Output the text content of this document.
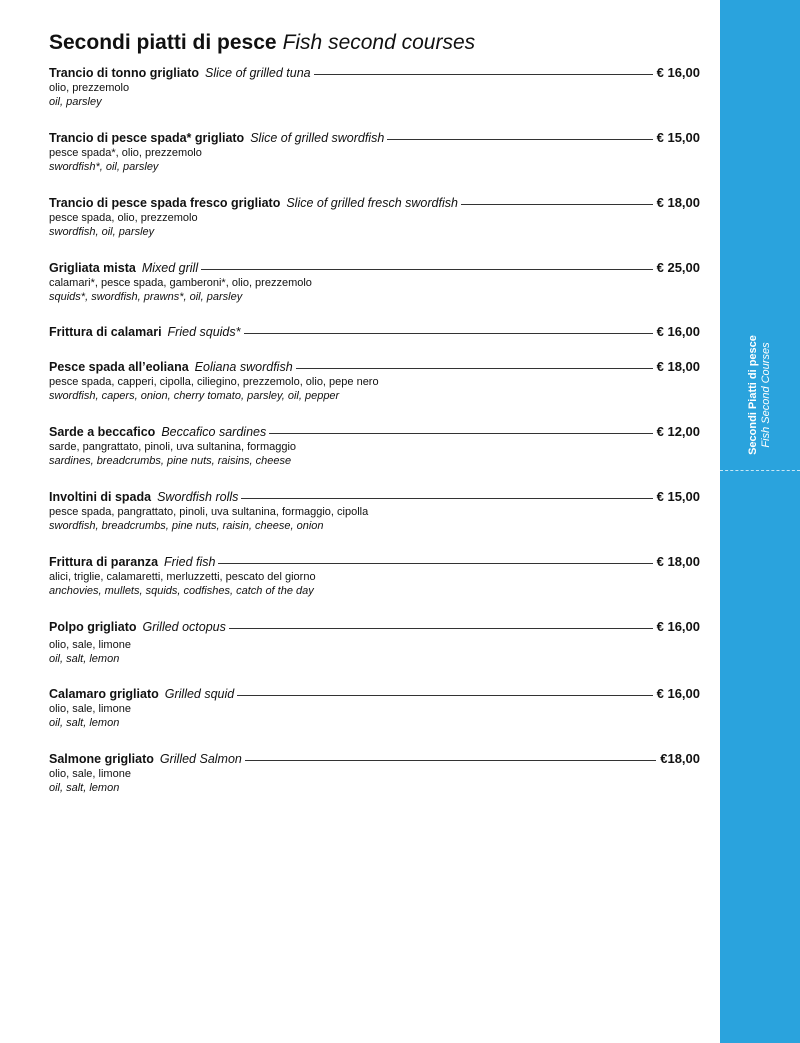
Secondi Piatti di pesce Fish Second Courses
Secondi piatti di pesce Fish second courses
Trancio di tonno grigliato Slice of grilled tuna	€ 16,00
olio, prezzemolo
oil, parsley
Trancio di pesce spada* grigliato Slice of grilled swordfish	€ 15,00
pesce spada*, olio, prezzemolo
swordfish*, oil, parsley
Trancio di pesce spada fresco grigliato Slice of grilled fresch swordfish	€ 18,00
pesce spada, olio, prezzemolo
swordfish, oil, parsley
Grigliata mista Mixed grill	€ 25,00
calamari*, pesce spada, gamberoni*, olio, prezzemolo
squids*, swordfish, prawns*, oil, parsley
Frittura di calamari Fried squids*	€ 16,00
Pesce spada all’eoliana Eoliana swordfish	€ 18,00
pesce spada, capperi, cipolla, ciliegino, prezzemolo, olio, pepe nero
swordfish, capers, onion, cherry tomato, parsley, oil, pepper
Sarde a beccafico Beccafico sardines	€ 12,00
sarde, pangrattato, pinoli, uva sultanina, formaggio
sardines, breadcrumbs, pine nuts, raisins, cheese
Involtini di spada Swordfish rolls	€ 15,00
pesce spada, pangrattato, pinoli, uva sultanina, formaggio, cipolla
swordfish, breadcrumbs, pine nuts, raisin, cheese, onion
Frittura di paranza Fried fish	€ 18,00
alici, triglie, calamaretti, merluzzetti, pescato del giorno
anchovies, mullets, squids, codfishes, catch of the day
Polpo grigliato Grilled octopus	€ 16,00
olio, sale, limone
oil, salt, lemon
Calamaro grigliato Grilled squid	€ 16,00
olio, sale, limone
oil, salt, lemon
Salmone grigliato Grilled Salmon	€18,00
olio, sale, limone
oil, salt, lemon
